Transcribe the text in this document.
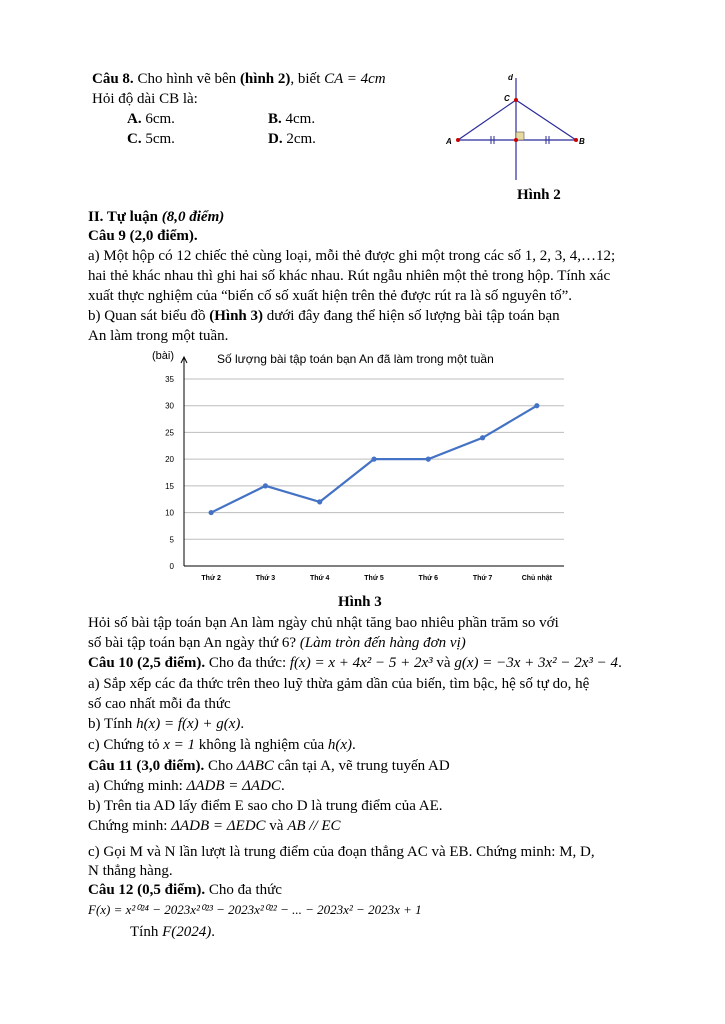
Câu 8. Cho hình vẽ bên (hình 2), biết CA = 4cm
Hỏi độ dài CB là:
A. 6cm.	B. 4cm.
C. 5cm.	D. 2cm.
d
C
A	B
Hình 2
II. Tự luận (8,0 điểm)
Câu 9 (2,0 điểm).
a) Một hộp có 12 chiếc thẻ cùng loại, mỗi thẻ được ghi một trong các số 1, 2, 3, 4,…12;
hai thẻ khác nhau thì ghi hai số khác nhau. Rút ngẫu nhiên một thẻ trong hộp. Tính xác
xuất thực nghiệm của “biến cố số xuất hiện trên thẻ được rút ra là số nguyên tố”.
b) Quan sát biểu đồ (Hình 3) dưới đây đang thể hiện số lượng bài tập toán bạn
An làm trong một tuần.
(bài)	Số lượng bài tập toán bạn An đã làm trong một tuần
0
5
10
15
20
25
30
35
Thứ 2	Thứ 3	Thứ 4	Thứ 5	Thứ 6	Thứ 7	Chủ nhật
Hình 3
Hỏi số bài tập toán bạn An làm ngày chủ nhật tăng bao nhiêu phần trăm so với
số bài tập toán bạn An ngày thứ 6? (Làm tròn đến hàng đơn vị)
Câu 10 (2,5 điểm). Cho đa thức: f(x) = x + 4x² − 5 + 2x³ và g(x) = −3x + 3x² − 2x³ − 4.
a) Sắp xếp các đa thức trên theo luỹ thừa gảm dần của biến, tìm bậc, hệ số tự do, hệ
số cao nhất mỗi đa thức
b) Tính h(x) = f(x) + g(x).
c) Chứng tỏ x = 1 không là nghiệm của h(x).
Câu 11 (3,0 điểm). Cho ΔABC cân tại A, vẽ trung tuyến AD
a) Chứng minh: ΔADB = ΔADC.
b) Trên tia AD lấy điểm E sao cho D là trung điểm của AE.
Chứng minh: ΔADB = ΔEDC và AB // EC
c) Gọi M và N lần lượt là trung điểm của đoạn thẳng AC và EB. Chứng minh: M, D,
N thẳng hàng.
Câu 12 (0,5 điểm). Cho đa thức
F(x) = x²⁰²⁴ − 2023x²⁰²³ − 2023x²⁰²² − ... − 2023x² − 2023x + 1
Tính F(2024).
